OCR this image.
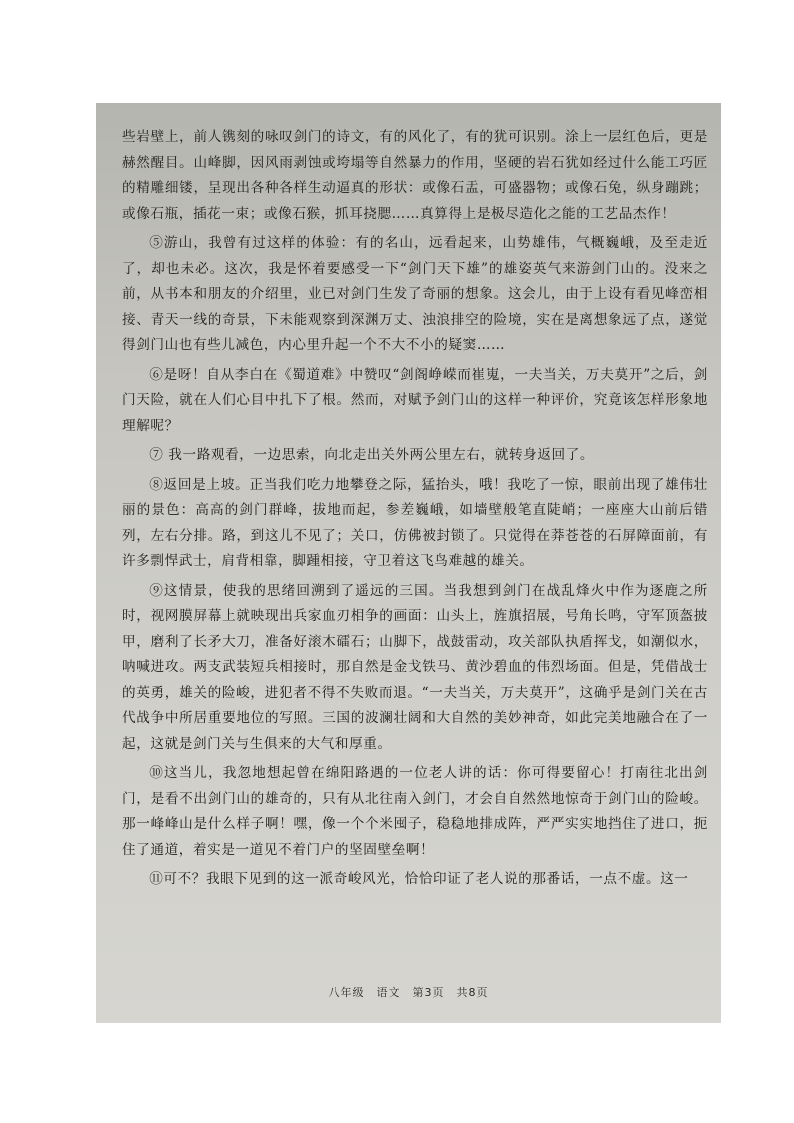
些岩壁上，前人镌刻的咏叹剑门的诗文，有的风化了，有的犹可识别。涂上一层红色后，更是赫然醒目。山峰脚，因风雨剥蚀或垮塌等自然暴力的作用，坚硬的岩石犹如经过什么能工巧匠的精雕细镂，呈现出各种各样生动逼真的形状：或像石盂，可盛器物；或像石兔，纵身蹦跳；或像石瓶，插花一束；或像石猴，抓耳挠腮……真算得上是极尽造化之能的工艺品杰作！

⑤游山，我曾有过这样的体验：有的名山，远看起来，山势雄伟，气概巍峨，及至走近了，却也未必。这次，我是怀着要感受一下“剑门天下雄”的雄姿英气来游剑门山的。没来之前，从书本和朋友的介绍里，业已对剑门生发了奇丽的想象。这会儿，由于上设有看见峰峦相接、青天一线的奇景，下未能观察到深渊万丈、浊浪排空的险境，实在是离想象远了点，遂觉得剑门山也有些儿减色，内心里升起一个不大不小的疑窦……

⑥是呀！自从李白在《蜀道难》中赞叹“剑阁峥嵘而崔嵬，一夫当关，万夫莫开”之后，剑门天险，就在人们心目中扎下了根。然而，对赋予剑门山的这样一种评价，究竟该怎样形象地理解呢？

⑦ 我一路观看，一边思索，向北走出关外两公里左右，就转身返回了。

⑧返回是上坡。正当我们吃力地攀登之际，猛抬头，哦！我吃了一惊，眼前出现了雄伟壮丽的景色：高高的剑门群峰，拔地而起，参差巍峨，如墙壁般笔直陡峭；一座座大山前后错列，左右分排。路，到这儿不见了；关口，仿佛被封锁了。只觉得在莽苍苍的石屏障面前，有许多剽悍武士，肩背相靠，脚踵相接，守卫着这飞鸟难越的雄关。

⑨这情景，使我的思绪回溯到了遥远的三国。当我想到剑门在战乱烽火中作为逐鹿之所时，视网膜屏幕上就映现出兵家血刃相争的画面：山头上，旌旗招展，号角长鸣，守军顶盔披甲，磨利了长矛大刀，准备好滚木礌石；山脚下，战鼓雷动，攻关部队执盾挥戈，如潮似水，呐喊进攻。两支武装短兵相接时，那自然是金戈铁马、黄沙碧血的伟烈场面。但是，凭借战士的英勇，雄关的险峻，进犯者不得不失败而退。“一夫当关，万夫莫开”，这确乎是剑门关在古代战争中所居重要地位的写照。三国的波澜壮阔和大自然的美妙神奇，如此完美地融合在了一起，这就是剑门关与生俱来的大气和厚重。

⑩这当儿，我忽地想起曾在绵阳路遇的一位老人讲的话：你可得要留心！打南往北出剑门，是看不出剑门山的雄奇的，只有从北往南入剑门，才会自自然然地惊奇于剑门山的险峻。那一峰峰山是什么样子啊！嘿，像一个个米囤子，稳稳地排成阵，严严实实地挡住了进口，扼住了通道，着实是一道见不着门户的坚固壁垒啊！

⑪可不？我眼下见到的这一派奇峻风光，恰恰印证了老人说的那番话，一点不虚。这一

八年级 语文 第3页 共8页
